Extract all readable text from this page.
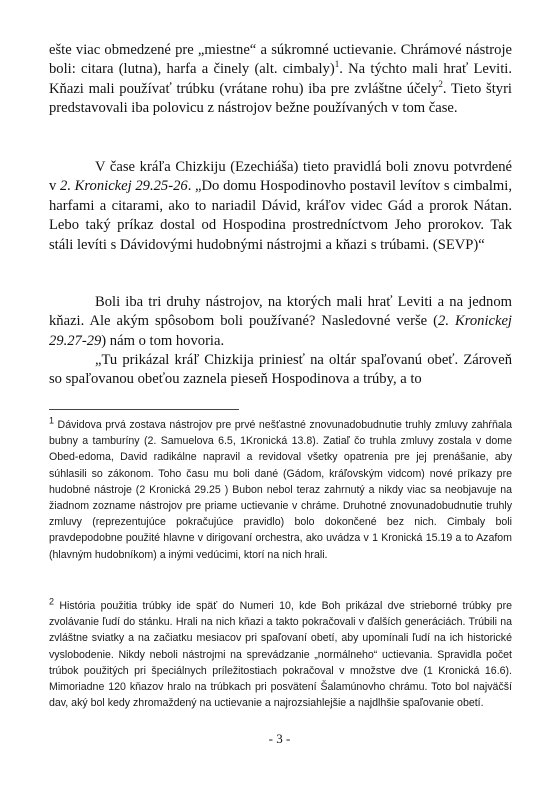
ešte viac obmedzené pre „miestne“ a súkromné uctievanie. Chrámové nástroje boli: citara (lutna), harfa a činely (alt. cimbaly)$^1$. Na týchto mali hrať Leviti. Kňazi mali používať trúbku (vrátane rohu) iba pre zvláštne účely$^2$. Tieto štyri predstavovali iba polovicu z nástrojov bežne používaných v tom čase.

V čase kráľa Chizkiju (Ezechiáša) tieto pravidlá boli znovu potvrdené v 2. Kronickej 29.25-26. „Do domu Hospodinovho postavil levítov s cimbalmi, harfami a citarami, ako to nariadil Dávid, kráľov videc Gád a prorok Nátan. Lebo taký príkaz dostal od Hospodina prostredníctvom Jeho prorokov. Tak stáli levíti s Dávidovými hudobnými nástrojmi a kňazi s trúbami. (SEVP)“

Boli iba tri druhy nástrojov, na ktorých mali hrať Leviti a na jednom kňazi. Ale akým spôsobom boli používané? Nasledovné verše (2. Kronickej 29.27-29) nám o tom hovoria.

„Tu prikázal kráľ Chizkija priniesť na oltár spaľovanú obeť. Zároveň so spaľovanou obeťou zaznela pieseň Hospodinova a trúby, a to

$^1$ Dávidova prvá zostava nástrojov pre prvé nešťastné znovunadobudnutie truhly zmluvy zahŕňala bubny a tamburíny (2. Samuelova 6.5, 1Kronická 13.8). Zatiaľ čo truhla zmluvy zostala v dome Obed-edoma, David radikálne napravil a revidoval všetky opatrenia pre jej prenášanie, aby súhlasili so zákonom. Toho času mu boli dané (Gádom, kráľovským vidcom) nové príkazy pre hudobné nástroje (2 Kronická 29.25 ) Bubon nebol teraz zahrnutý a nikdy viac sa neobjavuje na žiadnom zozname nástrojov pre priame uctievanie v chráme. Druhotné znovunadobudnutie truhly zmluvy (reprezentujúce pokračujúce pravidlo) bolo dokončené bez nich. Cimbaly boli pravdepodobne použité hlavne v dirigovaní orchestra, ako uvádza v 1 Kronická 15.19 a to Azafom (hlavným hudobníkom) a inými vedúcimi, ktorí na nich hrali.

$^2$ História použitia trúbky ide späť do Numeri 10, kde Boh prikázal dve strieborné trúbky pre zvolávanie ľudí do stánku. Hrali na nich kňazi a takto pokračovali v ďalších generáciách. Trúbili na zvláštne sviatky a na začiatku mesiacov pri spaľovaní obetí, aby upomínali ľudí na ich historické vyslobodenie. Nikdy neboli nástrojmi na sprevádzanie „normálneho“ uctievania. Spravidla počet trúbok použitých pri špeciálnych príležitostiach pokračoval v množstve dve (1 Kronická 16.6). Mimoriadne 120 kňazov hralo na trúbkach pri posvätení Šalamúnovho chrámu. Toto bol najväčší dav, aký bol kedy zhromaždený na uctievanie a najrozsiahlejšie a najdlhšie spaľovanie obetí.

- 3 -
